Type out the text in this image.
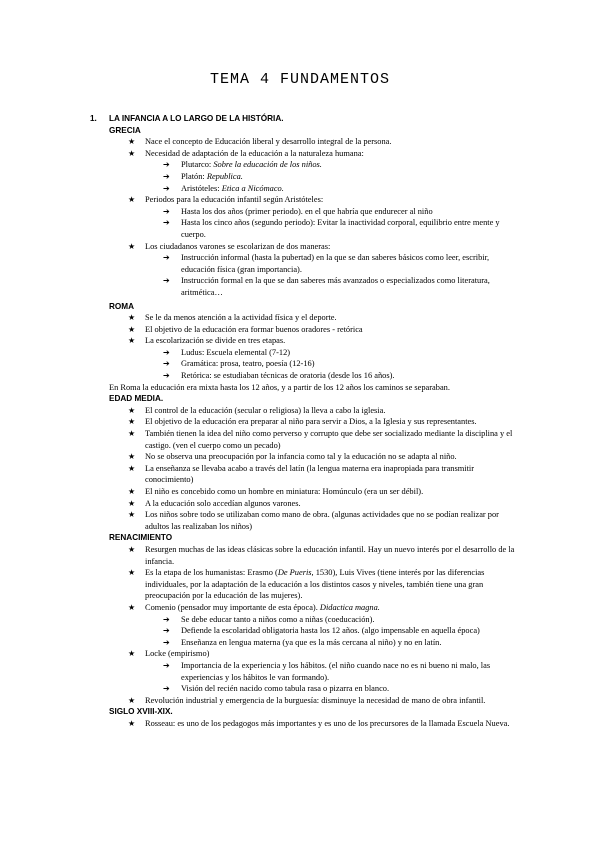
TEMA 4 FUNDAMENTOS
1. LA INFANCIA A LO LARGO DE LA HISTÓRIA.
GRECIA
★ Nace el concepto de Educación liberal y desarrollo integral de la persona.
★ Necesidad de adaptación de la educación a la naturaleza humana:
➔ Plutarco: Sobre la educación de los niños.
➔ Platón: Republica.
➔ Aristóteles: Etica a Nicómaco.
★ Periodos para la educación infantil según Aristóteles:
➔ Hasta los dos años (primer periodo). en el que habría que endurecer al niño
➔ Hasta los cinco años (segundo periodo): Evitar la inactividad corporal, equilibrio entre mente y cuerpo.
★ Los ciudadanos varones se escolarizan de dos maneras:
➔ Instrucción informal (hasta la pubertad) en la que se dan saberes básicos como leer, escribir, educación física (gran importancia).
➔ Instrucción formal en la que se dan saberes más avanzados o especializados como literatura, aritmética…
ROMA
★ Se le da menos atención a la actividad física y el deporte.
★ El objetivo de la educación era formar buenos oradores - retórica
★ La escolarización se divide en tres etapas.
➔ Ludus: Escuela elemental (7-12)
➔ Gramática: prosa, teatro, poesía (12-16)
➔ Retórica: se estudiaban técnicas de oratoria (desde los 16 años).
En Roma la educación era mixta hasta los 12 años, y a partir de los 12 años los caminos se separaban.
EDAD MEDIA.
★ El control de la educación (secular o religiosa) la lleva a cabo la iglesia.
★ El objetivo de la educación era preparar al niño para servir a Dios, a la Iglesia y sus representantes.
★ También tienen la idea del niño como perverso y corrupto que debe ser socializado mediante la disciplina y el castigo. (ven el cuerpo como un pecado)
★ No se observa una preocupación por la infancia como tal y la educación no se adapta al niño.
★ La enseñanza se llevaba acabo a través del latín (la lengua materna era inapropiada para transmitir conocimiento)
★ El niño es concebido como un hombre en miniatura: Homúnculo (era un ser débil).
★ A la educación solo accedían algunos varones.
★ Los niños sobre todo se utilizaban como mano de obra. (algunas actividades que no se podían realizar por adultos las realizaban los niños)
RENACIMIENTO
★ Resurgen muchas de las ideas clásicas sobre la educación infantil. Hay un nuevo interés por el desarrollo de la infancia.
★ Es la etapa de los humanistas: Erasmo (De Pueris, 1530), Luis Vives (tiene interés por las diferencias individuales, por la adaptación de la educación a los distintos casos y niveles, también tiene una gran preocupación por la educación de las mujeres).
★ Comenio (pensador muy importante de esta época). Didactica magna.
➔ Se debe educar tanto a niños como a niñas (coeducación).
➔ Defiende la escolaridad obligatoria hasta los 12 años. (algo impensable en aquella época)
➔ Enseñanza en lengua materna (ya que es la más cercana al niño) y no en latín.
★ Locke (empirismo)
➔ Importancia de la experiencia y los hábitos. (el niño cuando nace no es ni bueno ni malo, las experiencias y los hábitos le van formando).
➔ Visión del recién nacido como tabula rasa o pizarra en blanco.
★ Revolución industrial y emergencia de la burguesía: disminuye la necesidad de mano de obra infantil.
SIGLO XVIII-XIX.
★ Rosseau: es uno de los pedagogos más importantes y es uno de los precursores de la llamada Escuela Nueva.
